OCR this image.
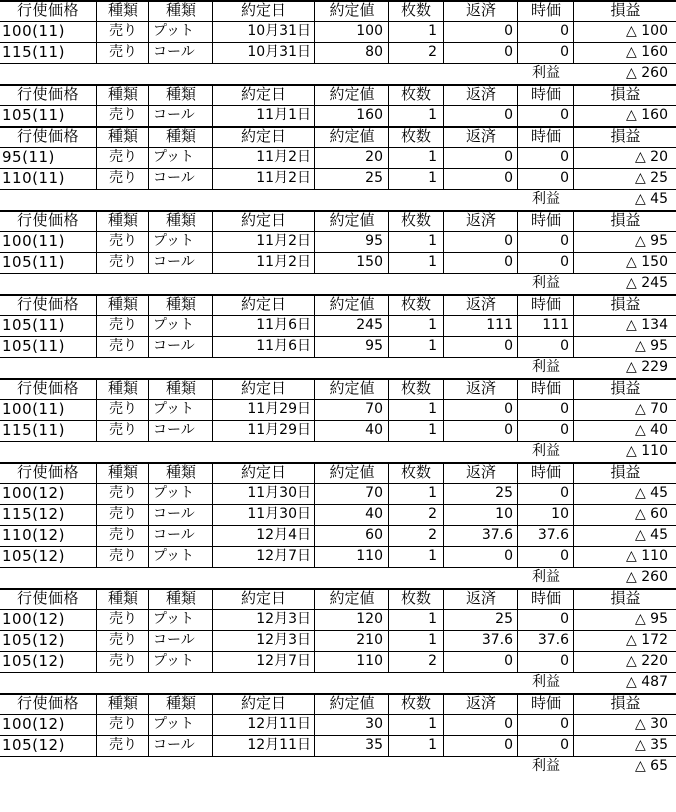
行使価格	種類	種類	約定日	約定値	枚数	返済	時価	損益
100(11)	売り	プット	10月31日	100	1	0	0	△ 100
115(11)	売り	コール	10月31日	80	2	0	0	△ 160
利益	△ 260
行使価格	種類	種類	約定日	約定値	枚数	返済	時価	損益
105(11)	売り	コール	11月1日	160	1	0	0	△ 160
行使価格	種類	種類	約定日	約定値	枚数	返済	時価	損益
95(11)	売り	プット	11月2日	20	1	0	0	△ 20
110(11)	売り	コール	11月2日	25	1	0	0	△ 25
利益	△ 45
行使価格	種類	種類	約定日	約定値	枚数	返済	時価	損益
100(11)	売り	プット	11月2日	95	1	0	0	△ 95
105(11)	売り	コール	11月2日	150	1	0	0	△ 150
利益	△ 245
行使価格	種類	種類	約定日	約定値	枚数	返済	時価	損益
105(11)	売り	プット	11月6日	245	1	111	111	△ 134
105(11)	売り	コール	11月6日	95	1	0	0	△ 95
利益	△ 229
行使価格	種類	種類	約定日	約定値	枚数	返済	時価	損益
100(11)	売り	プット	11月29日	70	1	0	0	△ 70
115(11)	売り	コール	11月29日	40	1	0	0	△ 40
利益	△ 110
行使価格	種類	種類	約定日	約定値	枚数	返済	時価	損益
100(12)	売り	プット	11月30日	70	1	25	0	△ 45
115(12)	売り	コール	11月30日	40	2	10	10	△ 60
110(12)	売り	コール	12月4日	60	2	37.6	37.6	△ 45
105(12)	売り	プット	12月7日	110	1	0	0	△ 110
利益	△ 260
行使価格	種類	種類	約定日	約定値	枚数	返済	時価	損益
100(12)	売り	プット	12月3日	120	1	25	0	△ 95
105(12)	売り	コール	12月3日	210	1	37.6	37.6	△ 172
105(12)	売り	プット	12月7日	110	2	0	0	△ 220
利益	△ 487
行使価格	種類	種類	約定日	約定値	枚数	返済	時価	損益
100(12)	売り	プット	12月11日	30	1	0	0	△ 30
105(12)	売り	コール	12月11日	35	1	0	0	△ 35
利益	△ 65
